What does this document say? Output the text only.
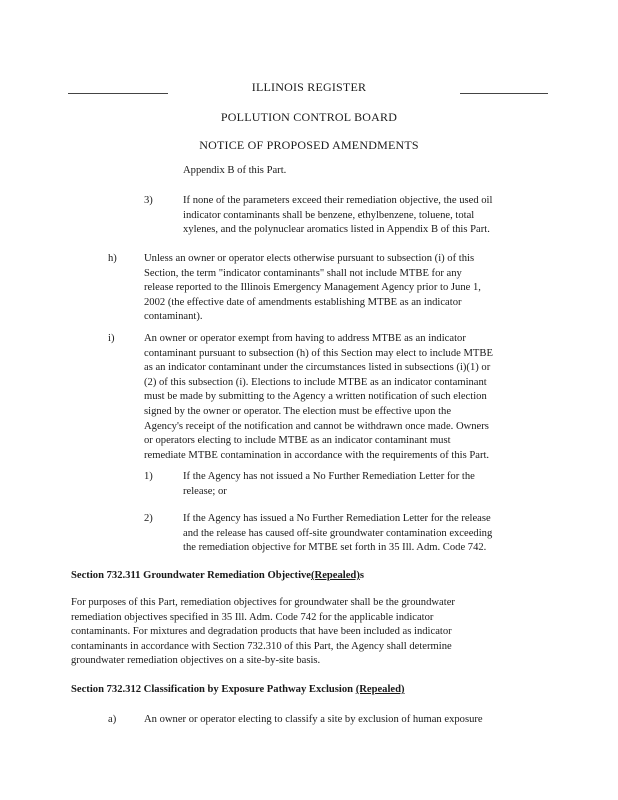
ILLINOIS REGISTER
POLLUTION CONTROL BOARD
NOTICE OF PROPOSED AMENDMENTS
Appendix B of this Part.
3)	If none of the parameters exceed their remediation objective, the used oil
indicator contaminants shall be benzene, ethylbenzene, toluene, total
xylenes, and the polynuclear aromatics listed in Appendix B of this Part.
h)	Unless an owner or operator elects otherwise pursuant to subsection (i) of this
Section, the term "indicator contaminants" shall not include MTBE for any
release reported to the Illinois Emergency Management Agency prior to June 1,
2002 (the effective date of amendments establishing MTBE as an indicator
contaminant).
i)	An owner or operator exempt from having to address MTBE as an indicator
contaminant pursuant to subsection (h) of this Section may elect to include MTBE
as an indicator contaminant under the circumstances listed in subsections (i)(1) or
(2) of this subsection (i). Elections to include MTBE as an indicator contaminant
must be made by submitting to the Agency a written notification of such election
signed by the owner or operator. The election must be effective upon the
Agency's receipt of the notification and cannot be withdrawn once made. Owners
or operators electing to include MTBE as an indicator contaminant must
remediate MTBE contamination in accordance with the requirements of this Part.
1)	If the Agency has not issued a No Further Remediation Letter for the
release; or
2)	If the Agency has issued a No Further Remediation Letter for the release
and the release has caused off-site groundwater contamination exceeding
the remediation objective for MTBE set forth in 35 Ill. Adm. Code 742.
Section 732.311 Groundwater Remediation Objective(Repealed)s
For purposes of this Part, remediation objectives for groundwater shall be the groundwater
remediation objectives specified in 35 Ill. Adm. Code 742 for the applicable indicator
contaminants. For mixtures and degradation products that have been included as indicator
contaminants in accordance with Section 732.310 of this Part, the Agency shall determine
groundwater remediation objectives on a site-by-site basis.
Section 732.312 Classification by Exposure Pathway Exclusion (Repealed)
a)	An owner or operator electing to classify a site by exclusion of human exposure
